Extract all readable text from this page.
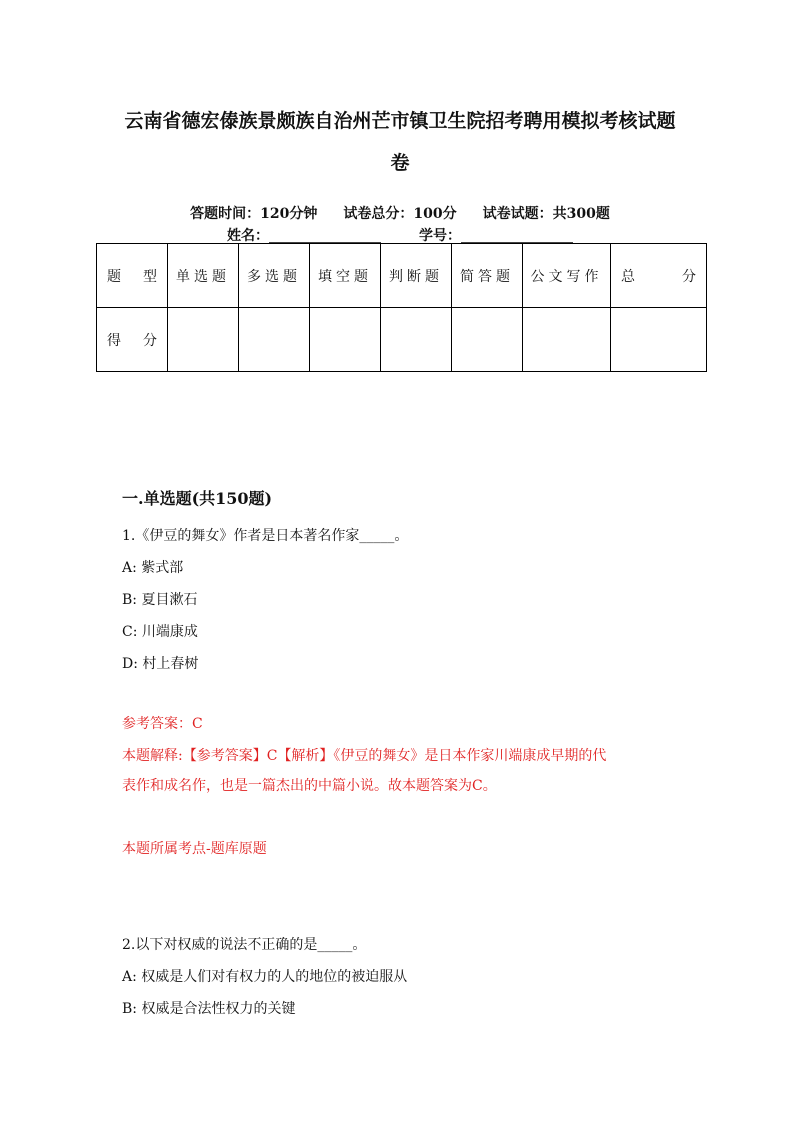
云南省德宏傣族景颇族自治州芒市镇卫生院招考聘用模拟考核试题
卷
答题时间：120分钟 试卷总分：100分 试卷试题：共300题
姓名：________________	学号：________________
题 型	单选题	多选题	填空题	判断题	简答题	公文写作	总 分

得 分							

一.单选题(共150题)
1.《伊豆的舞女》作者是日本著名作家_____。
A: 紫式部
B: 夏目漱石
C: 川端康成
D: 村上春树
参考答案：C
本题解释:【参考答案】C【解析】《伊豆的舞女》是日本作家川端康成早期的代
表作和成名作，也是一篇杰出的中篇小说。故本题答案为C。
本题所属考点-题库原题
2.以下对权威的说法不正确的是_____。
A: 权威是人们对有权力的人的地位的被迫服从
B: 权威是合法性权力的关键
